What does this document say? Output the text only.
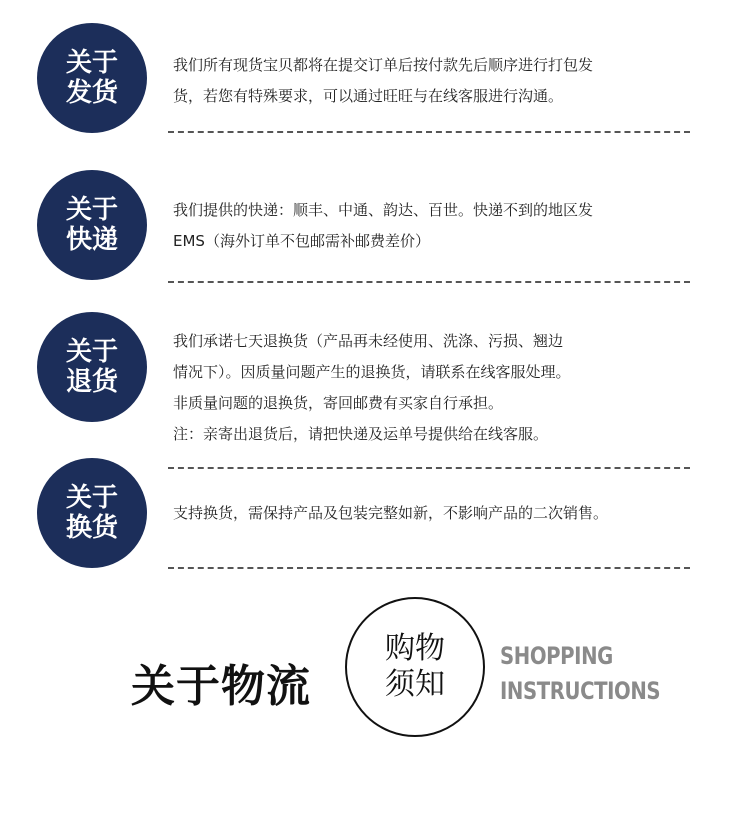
关于
发货
我们所有现货宝贝都将在提交订单后按付款先后顺序进行打包发
货，若您有特殊要求，可以通过旺旺与在线客服进行沟通。
关于
快递
我们提供的快递：顺丰、中通、韵达、百世。快递不到的地区发
EMS（海外订单不包邮需补邮费差价）
关于
退货
我们承诺七天退换货（产品再未经使用、洗涤、污损、翘边
情况下）。因质量问题产生的退换货，请联系在线客服处理。
非质量问题的退换货，寄回邮费有买家自行承担。
注：亲寄出退货后，请把快递及运单号提供给在线客服。
关于
换货	支持换货，需保持产品及包装完整如新，不影响产品的二次销售。
关于物流
购物
须知
SHOPPING
INSTRUCTIONS
